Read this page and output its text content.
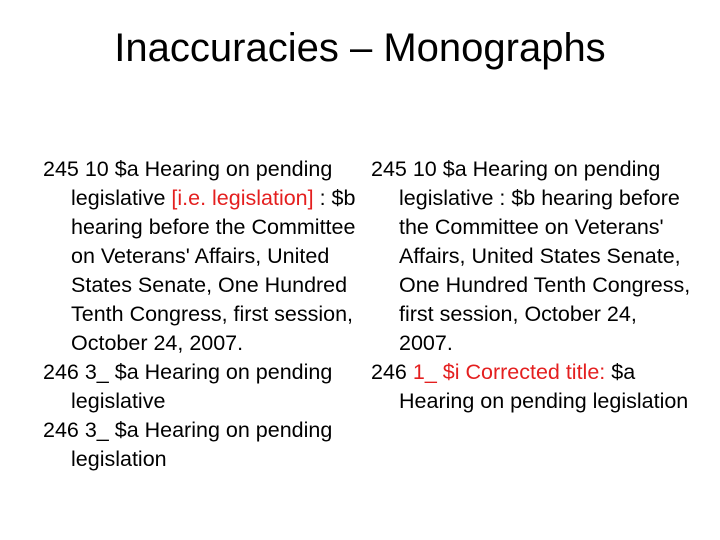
Inaccuracies – Monographs

245 10 $a Hearing on pending legislative [i.e. legislation] : $b hearing before the Committee on Veterans' Affairs, United States Senate, One Hundred Tenth Congress, first session, October 24, 2007.

246 3_ $a Hearing on pending legislative

246 3_ $a Hearing on pending legislation

245 10 $a Hearing on pending legislative : $b hearing before the Committee on Veterans' Affairs, United States Senate, One Hundred Tenth Congress, first session, October 24, 2007.

246 1_ $i Corrected title: $a Hearing on pending legislation
